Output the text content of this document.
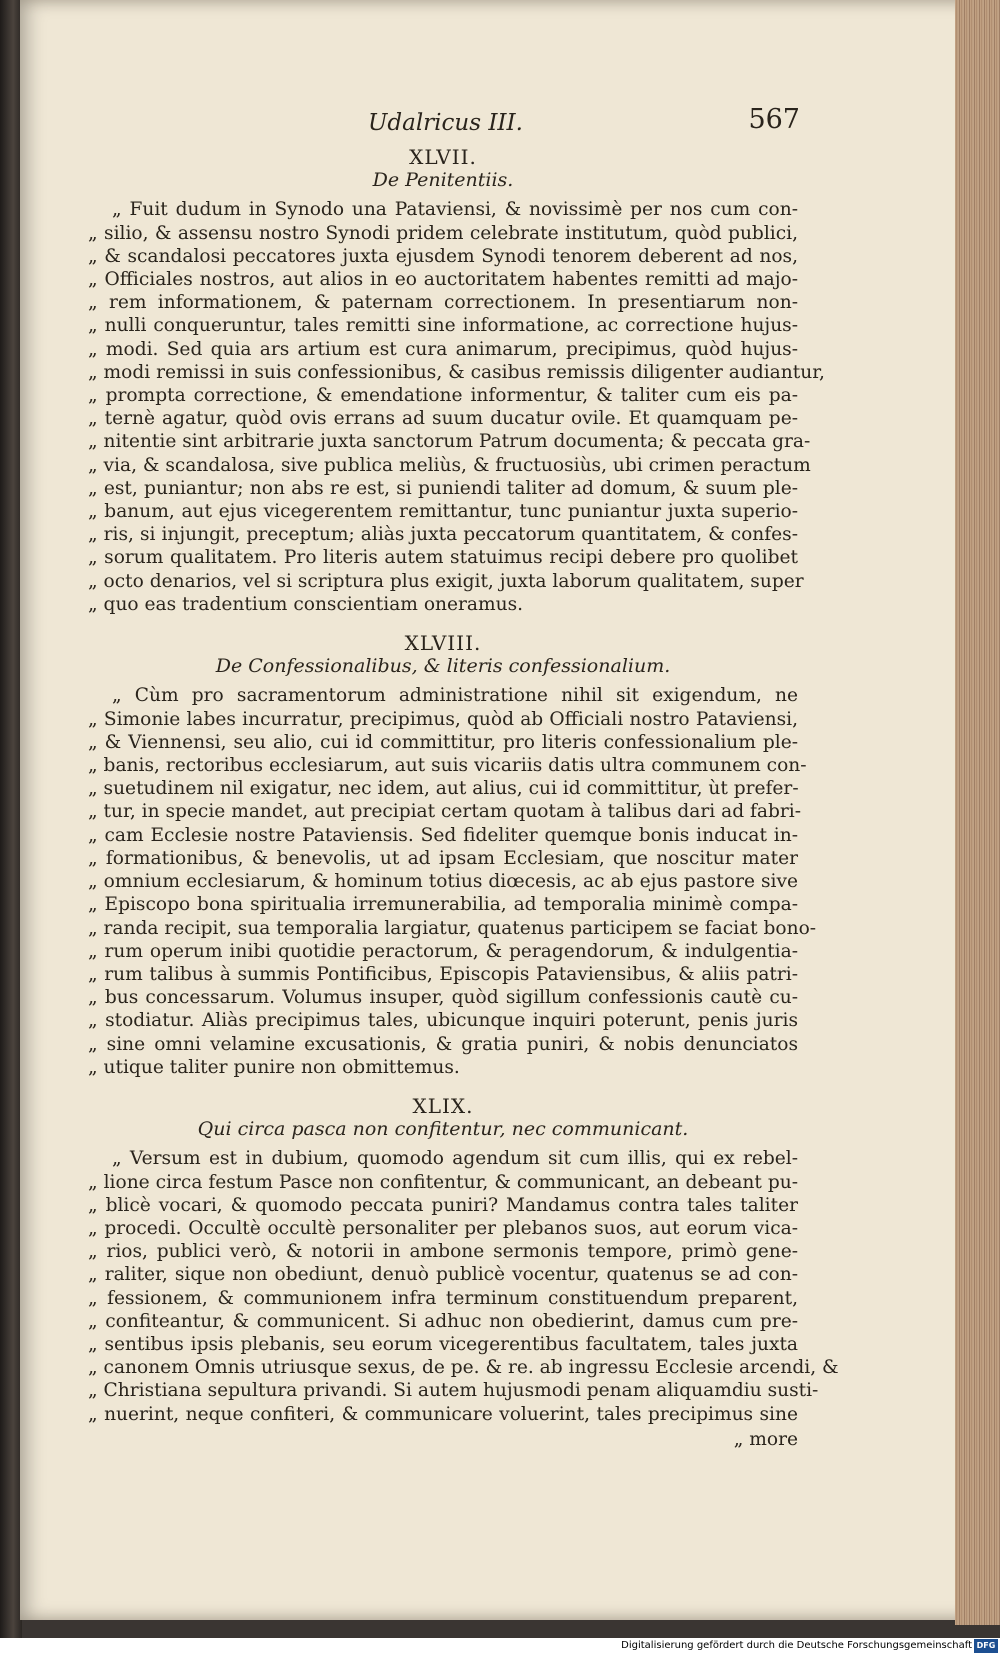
Udalricus III.	567
XLVII.
De Penitentiis.
„ Fuit dudum in Synodo una Pataviensi, & novissimè per nos cum con-
„ silio, & assensu nostro Synodi pridem celebrate institutum, quòd publici,
„ & scandalosi peccatores juxta ejusdem Synodi tenorem deberent ad nos,
„ Officiales nostros, aut alios in eo auctoritatem habentes remitti ad majo-
„ rem informationem, & paternam correctionem. In presentiarum non-
„ nulli conqueruntur, tales remitti sine informatione, ac correctione hujus-
„ modi. Sed quia ars artium est cura animarum, precipimus, quòd hujus-
„ modi remissi in suis confessionibus, & casibus remissis diligenter audiantur,
„ prompta correctione, & emendatione informentur, & taliter cum eis pa-
„ ternè agatur, quòd ovis errans ad suum ducatur ovile. Et quamquam pe-
„ nitentie sint arbitrarie juxta sanctorum Patrum documenta; & peccata gra-
„ via, & scandalosa, sive publica meliùs, & fructuosiùs, ubi crimen peractum
„ est, puniantur; non abs re est, si puniendi taliter ad domum, & suum ple-
„ banum, aut ejus vicegerentem remittantur, tunc puniantur juxta superio-
„ ris, si injungit, preceptum; aliàs juxta peccatorum quantitatem, & confes-
„ sorum qualitatem. Pro literis autem statuimus recipi debere pro quolibet
„ octo denarios, vel si scriptura plus exigit, juxta laborum qualitatem, super
„ quo eas tradentium conscientiam oneramus.
XLVIII.
De Confessionalibus, & literis confessionalium.
„ Cùm pro sacramentorum administratione nihil sit exigendum, ne
„ Simonie labes incurratur, precipimus, quòd ab Officiali nostro Pataviensi,
„ & Viennensi, seu alio, cui id committitur, pro literis confessionalium ple-
„ banis, rectoribus ecclesiarum, aut suis vicariis datis ultra communem con-
„ suetudinem nil exigatur, nec idem, aut alius, cui id committitur, ùt prefer-
„ tur, in specie mandet, aut precipiat certam quotam à talibus dari ad fabri-
„ cam Ecclesie nostre Pataviensis. Sed fideliter quemque bonis inducat in-
„ formationibus, & benevolis, ut ad ipsam Ecclesiam, que noscitur mater
„ omnium ecclesiarum, & hominum totius diœcesis, ac ab ejus pastore sive
„ Episcopo bona spiritualia irremunerabilia, ad temporalia minimè compa-
„ randa recipit, sua temporalia largiatur, quatenus participem se faciat bono-
„ rum operum inibi quotidie peractorum, & peragendorum, & indulgentia-
„ rum talibus à summis Pontificibus, Episcopis Pataviensibus, & aliis patri-
„ bus concessarum. Volumus insuper, quòd sigillum confessionis cautè cu-
„ stodiatur. Aliàs precipimus tales, ubicunque inquiri poterunt, penis juris
„ sine omni velamine excusationis, & gratia puniri, & nobis denunciatos
„ utique taliter punire non obmittemus.
XLIX.
Qui circa pasca non confitentur, nec communicant.
„ Versum est in dubium, quomodo agendum sit cum illis, qui ex rebel-
„ lione circa festum Pasce non confitentur, & communicant, an debeant pu-
„ blicè vocari, & quomodo peccata puniri? Mandamus contra tales taliter
„ procedi. Occultè occultè personaliter per plebanos suos, aut eorum vica-
„ rios, publici verò, & notorii in ambone sermonis tempore, primò gene-
„ raliter, sique non obediunt, denuò publicè vocentur, quatenus se ad con-
„ fessionem, & communionem infra terminum constituendum preparent,
„ confiteantur, & communicent. Si adhuc non obedierint, damus cum pre-
„ sentibus ipsis plebanis, seu eorum vicegerentibus facultatem, tales juxta
„ canonem Omnis utriusque sexus, de pe. & re. ab ingressu Ecclesie arcendi, &
„ Christiana sepultura privandi. Si autem hujusmodi penam aliquamdiu susti-
„ nuerint, neque confiteri, & communicare voluerint, tales precipimus sine
„ more
Digitalisierung gefördert durch die Deutsche Forschungsgemeinschaft DFG
